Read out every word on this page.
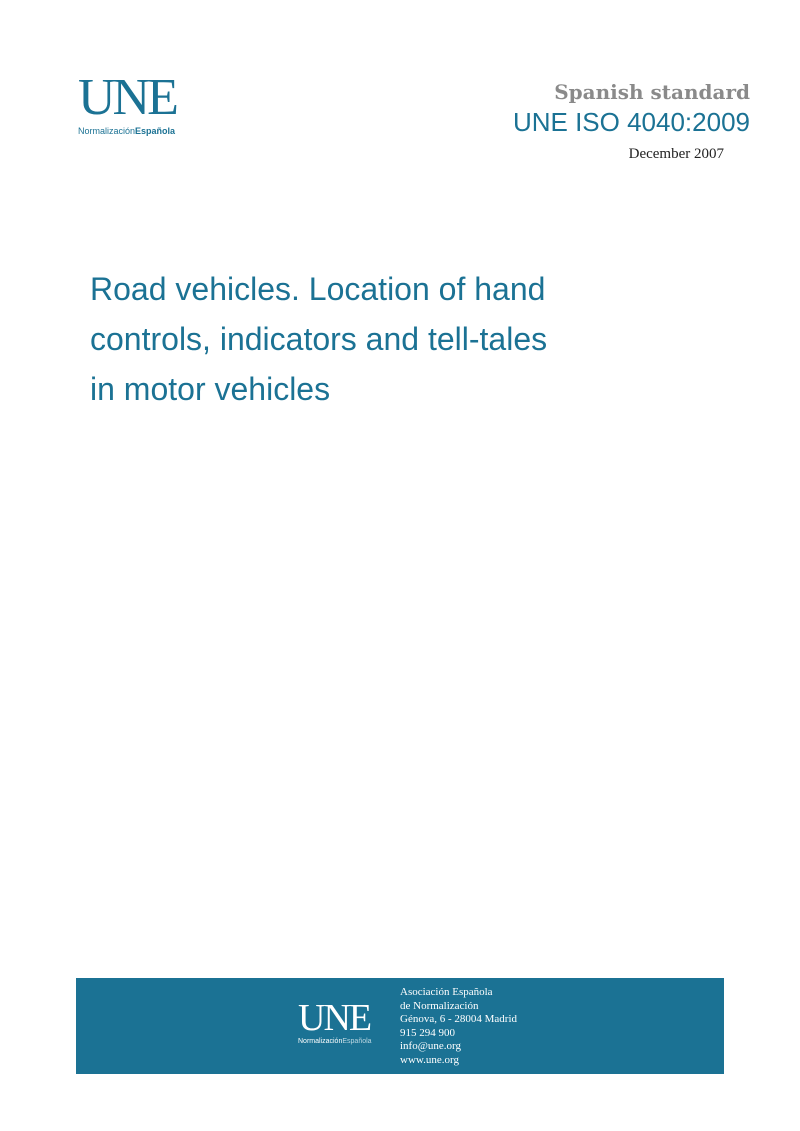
UNE
NormalizaciónEspañola
Spanish standard
UNE ISO 4040:2009
December 2007
Road vehicles. Location of hand
controls, indicators and tell-tales
in motor vehicles
UNE
NormalizaciónEspañola
Asociación Española
de Normalización
Génova, 6 - 28004 Madrid
915 294 900
info@une.org
www.une.org
